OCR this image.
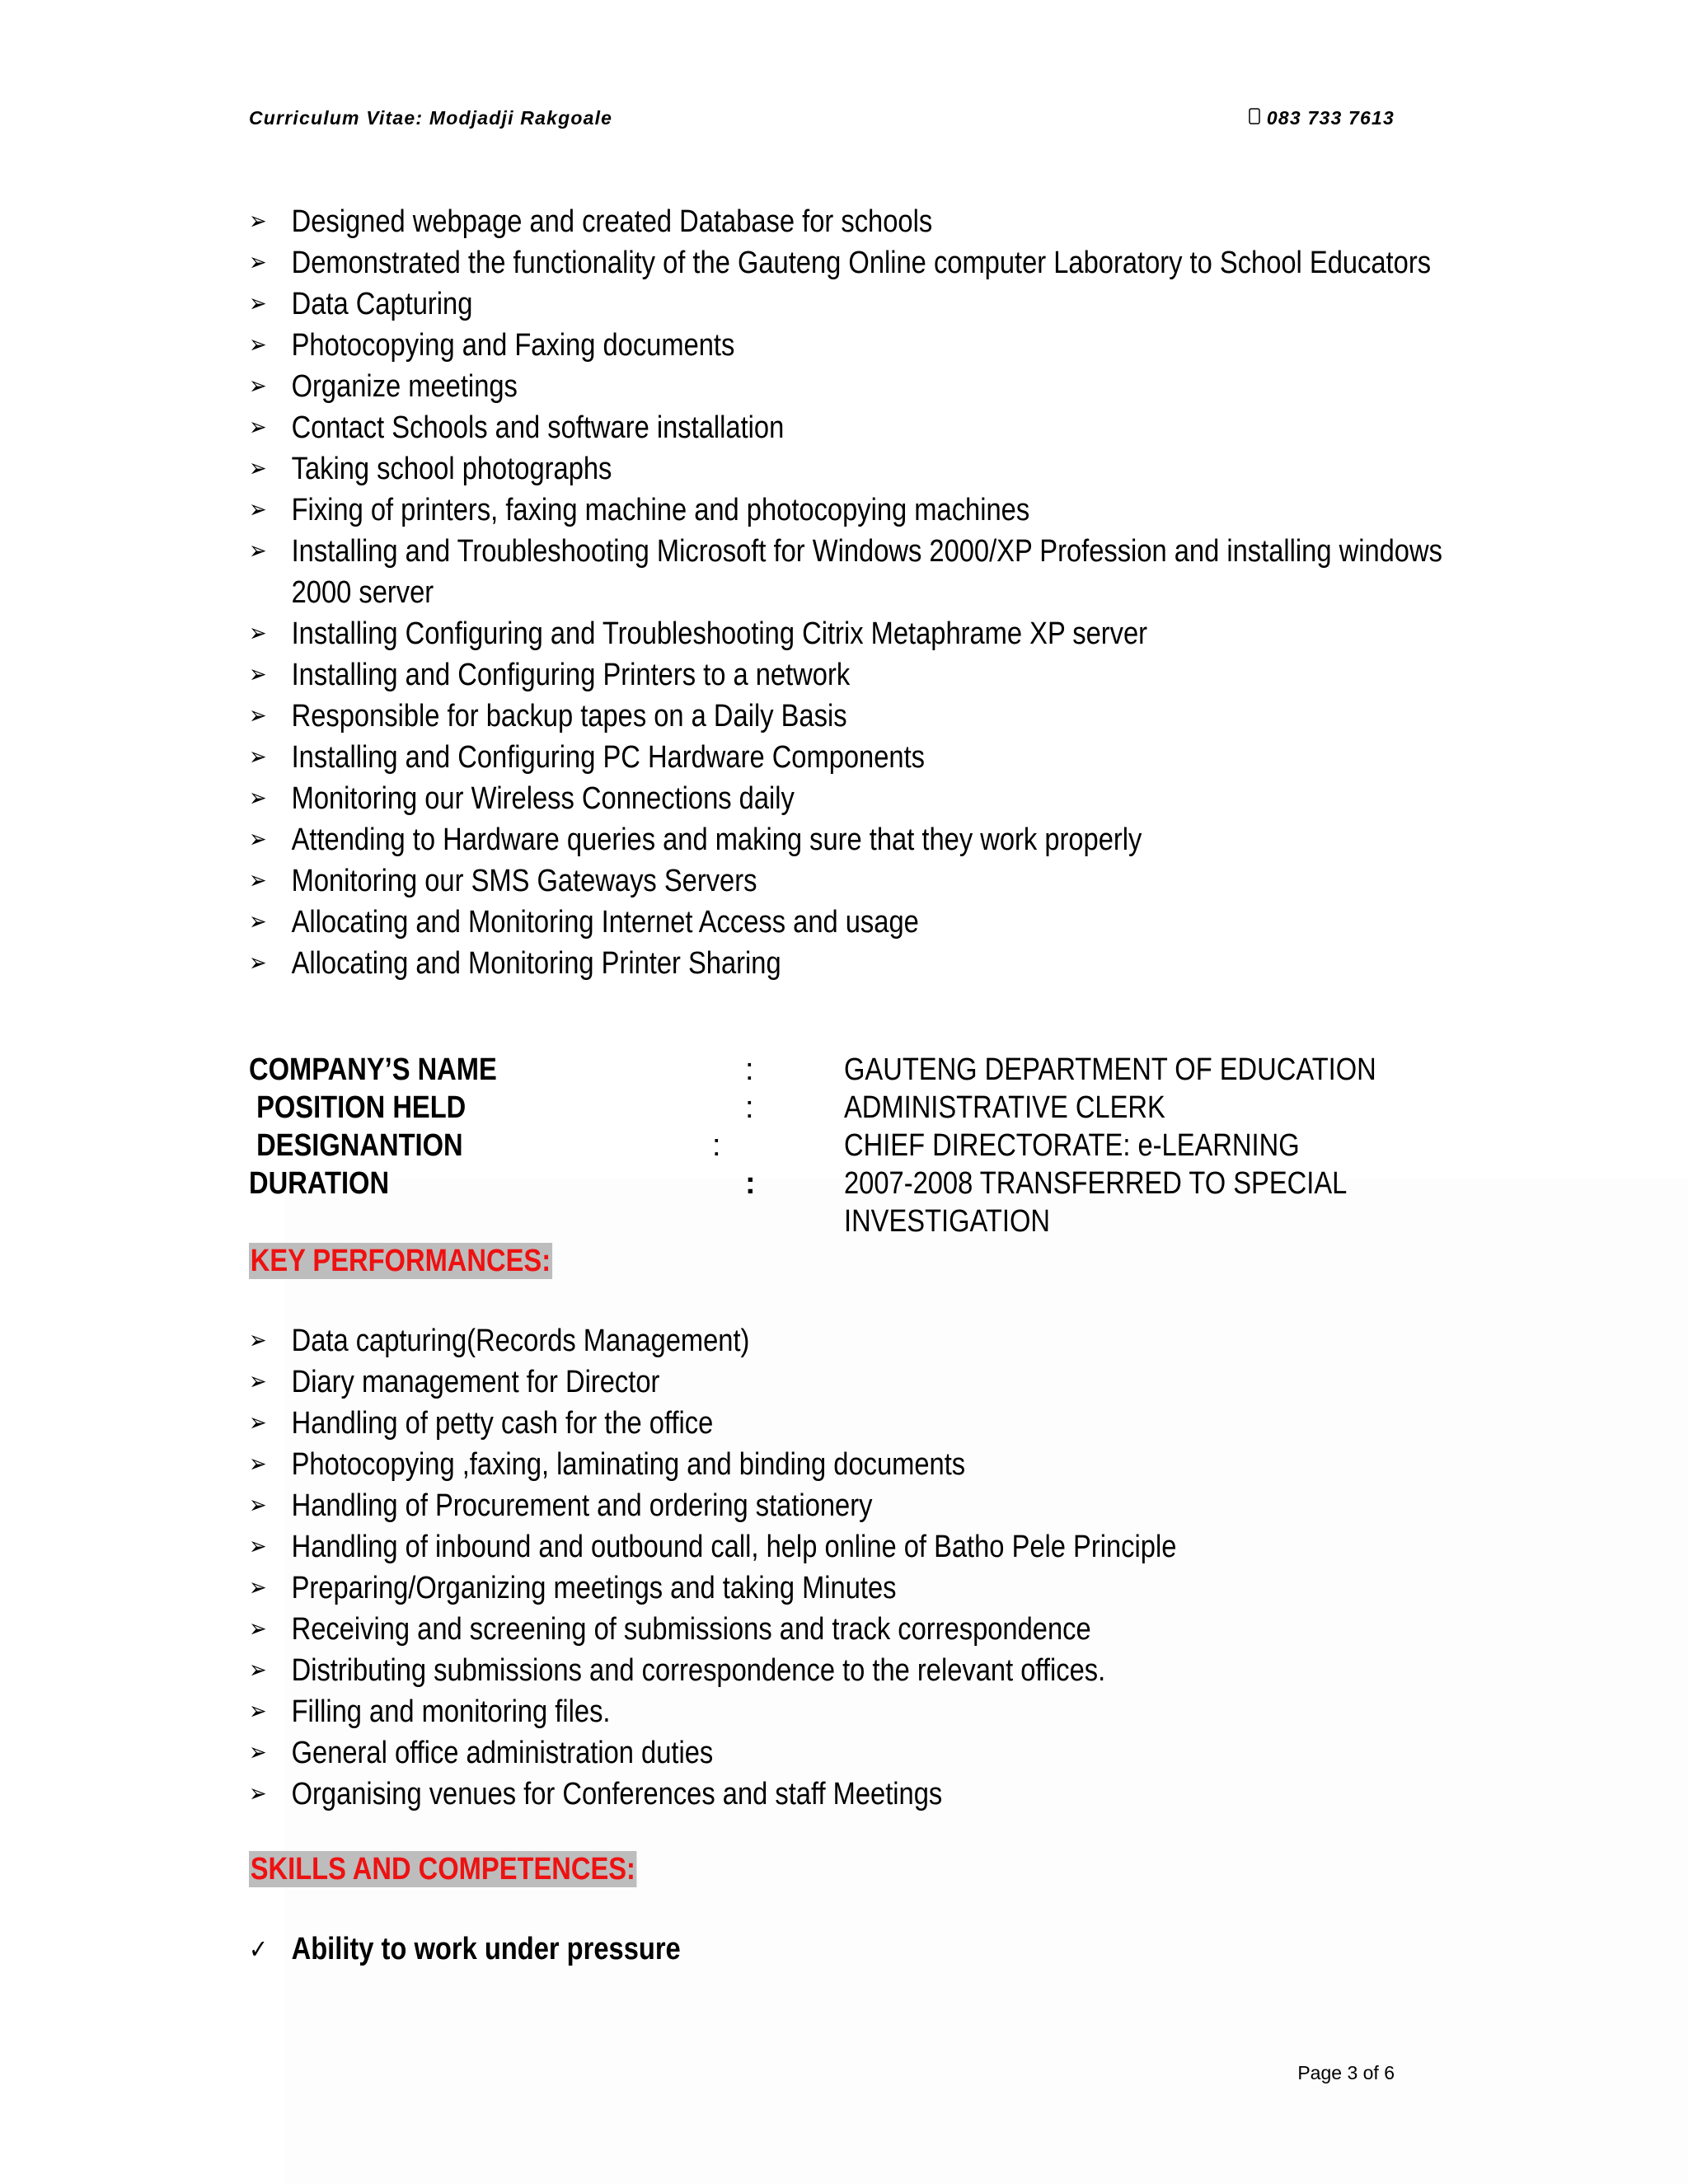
Curriculum Vitae: Modjadji Rakgoale	083 733 7613
➢ Designed webpage and created Database for schools
➢ Demonstrated the functionality of the Gauteng Online computer Laboratory to School Educators
➢ Data Capturing
➢ Photocopying and Faxing documents
➢ Organize meetings
➢ Contact Schools and software installation
➢ Taking school photographs
➢ Fixing of printers, faxing machine and photocopying machines
➢ Installing and Troubleshooting Microsoft for Windows 2000/XP Profession and installing windows 2000 server
➢ Installing Configuring and Troubleshooting Citrix Metaphrame XP server
➢ Installing and Configuring Printers to a network
➢ Responsible for backup tapes on a Daily Basis
➢ Installing and Configuring PC Hardware Components
➢ Monitoring our Wireless Connections daily
➢ Attending to Hardware queries and making sure that they work properly
➢ Monitoring our SMS Gateways Servers
➢ Allocating and Monitoring Internet Access and usage
➢ Allocating and Monitoring Printer Sharing
COMPANY’S NAME	:	GAUTENG DEPARTMENT OF EDUCATION
POSITION HELD	:	ADMINISTRATIVE CLERK
DESIGNANTION	:	CHIEF DIRECTORATE: e-LEARNING
DURATION	:	2007-2008 TRANSFERRED TO SPECIAL
INVESTIGATION
KEY PERFORMANCES:
➢ Data capturing(Records Management)
➢ Diary management for Director
➢ Handling of petty cash for the office
➢ Photocopying ,faxing, laminating and binding documents
➢ Handling of Procurement and ordering stationery
➢ Handling of inbound and outbound call, help online of Batho Pele Principle
➢ Preparing/Organizing meetings and taking Minutes
➢ Receiving and screening of submissions and track correspondence
➢ Distributing submissions and correspondence to the relevant offices.
➢ Filling and monitoring files.
➢ General office administration duties
➢ Organising venues for Conferences and staff Meetings
SKILLS AND COMPETENCES:
✓ Ability to work under pressure
Page 3 of 6
